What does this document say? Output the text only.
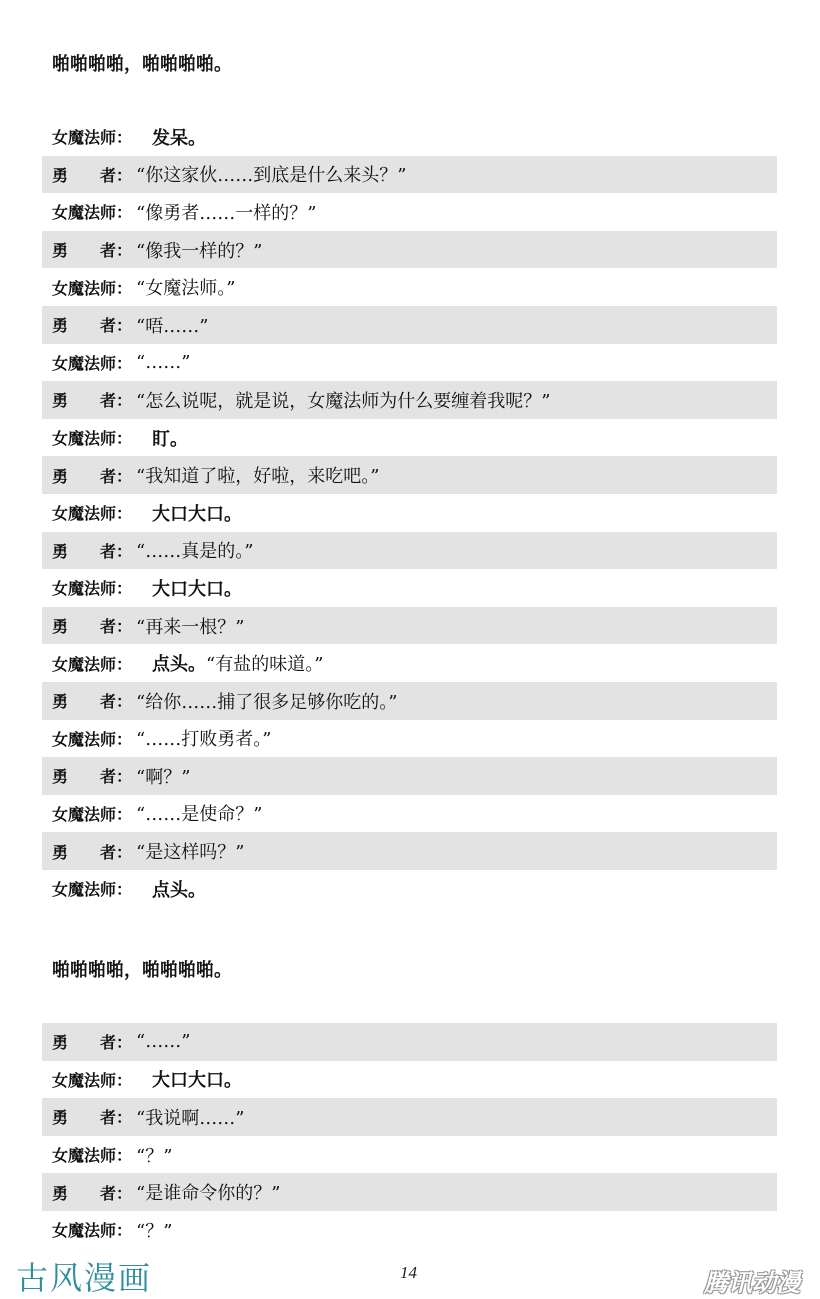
啪啪啪啪，啪啪啪啪。
女魔法师： 发呆。
勇　　者： “你这家伙……到底是什么来头？”
女魔法师： “像勇者……一样的？”
勇　　者： “像我一样的？”
女魔法师： “女魔法师。”
勇　　者： “唔……”
女魔法师： “……”
勇　　者： “怎么说呢，就是说，女魔法师为什么要缠着我呢？”
女魔法师： 盯。
勇　　者： “我知道了啦，好啦，来吃吧。”
女魔法师： 大口大口。
勇　　者： “……真是的。”
女魔法师： 大口大口。
勇　　者： “再来一根？”
女魔法师： 点头。 “有盐的味道。”
勇　　者： “给你……捕了很多足够你吃的。”
女魔法师： “……打败勇者。”
勇　　者： “啊？”
女魔法师： “……是使命？”
勇　　者： “是这样吗？”
女魔法师： 点头。
啪啪啪啪，啪啪啪啪。
勇　　者： “……”
女魔法师： 大口大口。
勇　　者： “我说啊……”
女魔法师： “？”
勇　　者： “是谁命令你的？”
女魔法师： “？”
古风漫画	14	腾讯动漫
